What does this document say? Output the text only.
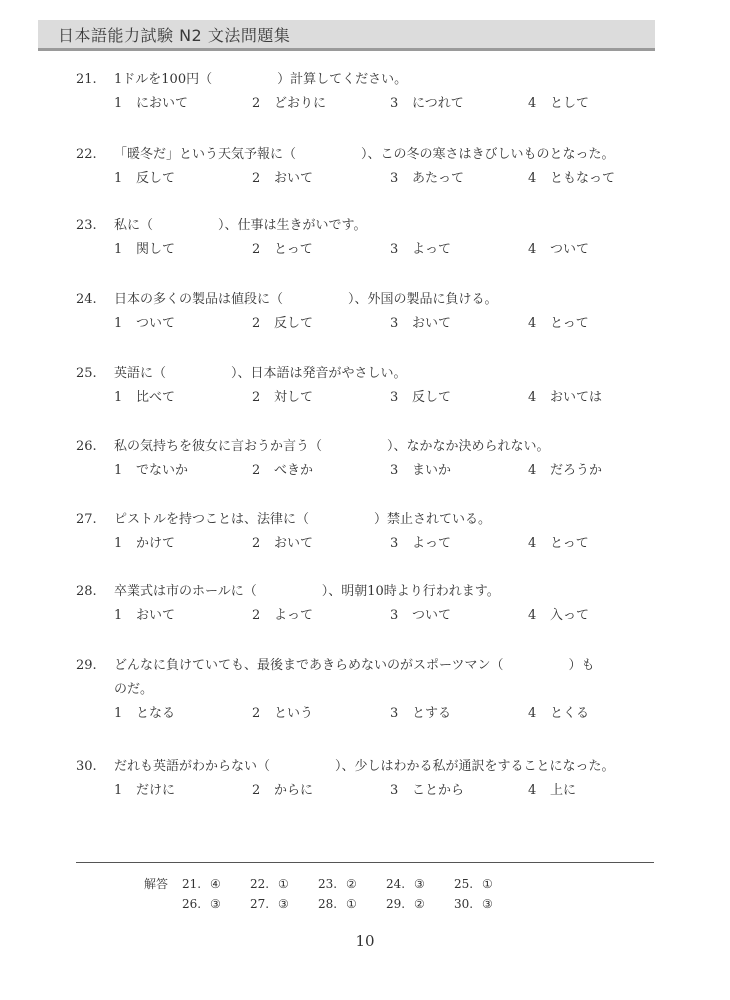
日本語能力試験 N2 文法問題集
21.	1ドルを100円（　　　　　）計算してください。
1 において	2 どおりに	3 につれて	4 として
22.	「暖冬だ」という天気予報に（　　　　　）、この冬の寒さはきびしいものとなった。
1 反して	2 おいて	3 あたって	4 ともなって
23.	私に（　　　　　）、仕事は生きがいです。
1 関して	2 とって	3 よって	4 ついて
24.	日本の多くの製品は値段に（　　　　　）、外国の製品に負ける。
1 ついて	2 反して	3 おいて	4 とって
25.	英語に（　　　　　）、日本語は発音がやさしい。
1 比べて	2 対して	3 反して	4 おいては
26.	私の気持ちを彼女に言おうか言う（　　　　　）、なかなか決められない。
1 でないか	2 べきか	3 まいか	4 だろうか
27.	ピストルを持つことは、法律に（　　　　　）禁止されている。
1 かけて	2 おいて	3 よって	4 とって
28.	卒業式は市のホールに（　　　　　）、明朝10時より行われます。
1 おいて	2 よって	3 ついて	4 入って
29.	どんなに負けていても、最後まであきらめないのがスポーツマン（　　　　　）も
のだ。
1 となる	2 という	3 とする	4 とくる
30.	だれも英語がわからない（　　　　　）、少しはわかる私が通訳をすることになった。
1 だけに	2 からに	3 ことから	4 上に
解答	21. ④	22. ①	23. ②	24. ③	25. ①
26. ③	27. ③	28. ①	29. ②	30. ③
10
